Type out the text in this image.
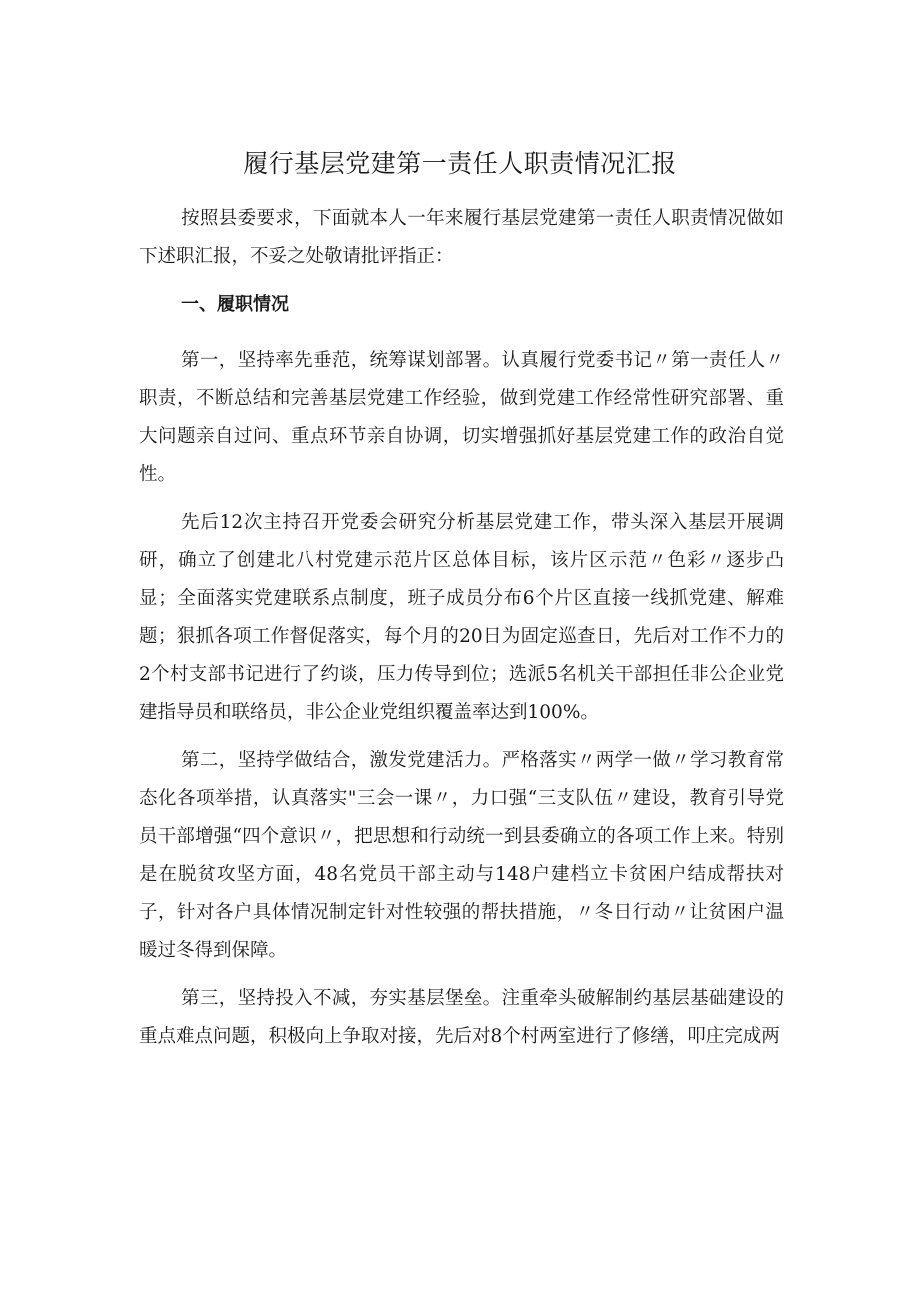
履行基层党建第一责任人职责情况汇报

按照县委要求，下面就本人一年来履行基层党建第一责任人职责情况做如下述职汇报，不妥之处敬请批评指正：

一、履职情况

第一，坚持率先垂范，统筹谋划部署。认真履行党委书记〃第一责任人〃职责，不断总结和完善基层党建工作经验，做到党建工作经常性研究部署、重大问题亲自过问、重点环节亲自协调，切实增强抓好基层党建工作的政治自觉性。

先后12次主持召开党委会研究分析基层党建工作，带头深入基层开展调研，确立了创建北八村党建示范片区总体目标，该片区示范〃色彩〃逐步凸显；全面落实党建联系点制度，班子成员分布6个片区直接一线抓党建、解难题；狠抓各项工作督促落实，每个月的20日为固定巡查日，先后对工作不力的2个村支部书记进行了约谈，压力传导到位；选派5名机关干部担任非公企业党建指导员和联络员，非公企业党组织覆盖率达到100%。

第二，坚持学做结合，激发党建活力。严格落实〃两学一做〃学习教育常态化各项举措，认真落实"三会一课〃，力口强“三支队伍〃建设，教育引导党员干部增强“四个意识〃，把思想和行动统一到县委确立的各项工作上来。特别是在脱贫攻坚方面，48名党员干部主动与148户建档立卡贫困户结成帮扶对子，针对各户具体情况制定针对性较强的帮扶措施，〃冬日行动〃让贫困户温暖过冬得到保障。

第三，坚持投入不减，夯实基层堡垒。注重牵头破解制约基层基础建设的重点难点问题，积极向上争取对接，先后对8个村两室进行了修缮，叩庄完成两
